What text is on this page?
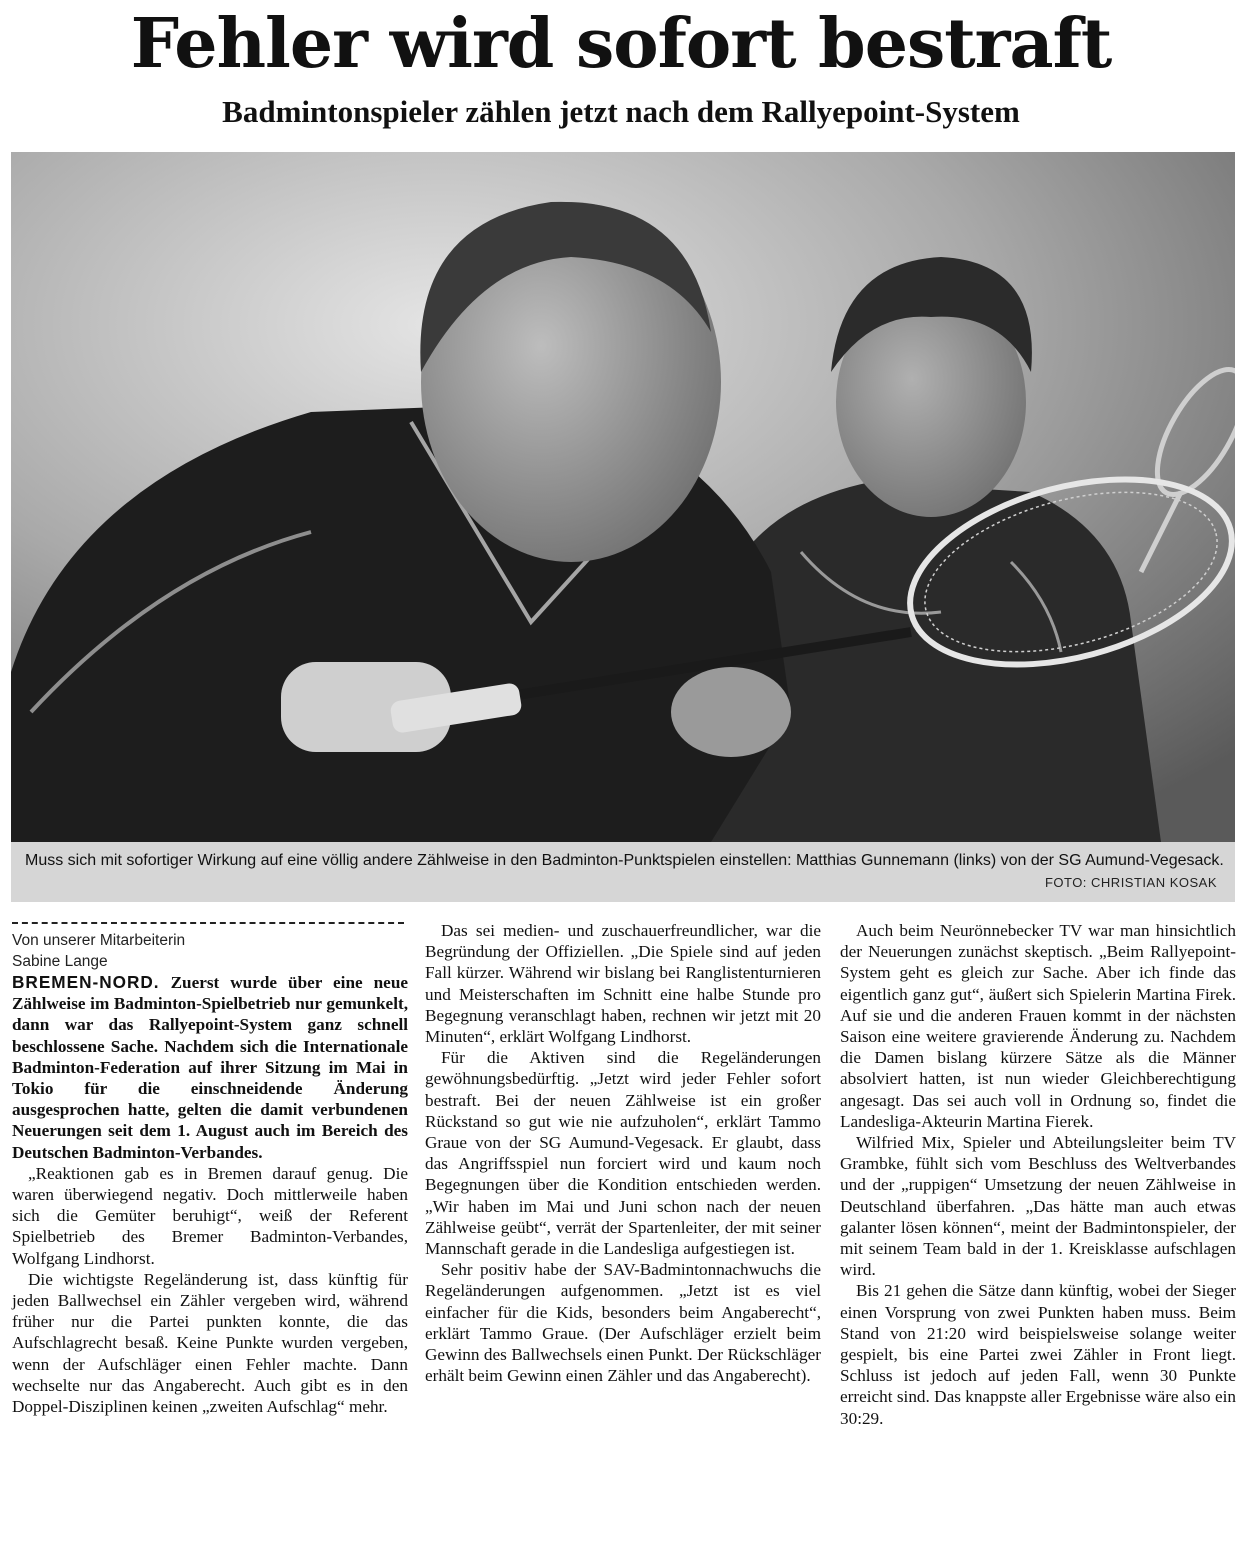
Fehler wird sofort bestraft
Badmintonspieler zählen jetzt nach dem Rallyepoint-System
Muss sich mit sofortiger Wirkung auf eine völlig andere Zählweise in den Badminton-Punktspielen einstellen: Matthias Gunnemann (links) von der SG Aumund-Vegesack.
FOTO: CHRISTIAN KOSAK
Von unserer Mitarbeiterin
Sabine Lange

BREMEN-NORD. Zuerst wurde über eine neue Zählweise im Badminton-Spielbetrieb nur gemunkelt, dann war das Rallyepoint-System ganz schnell beschlossene Sache. Nachdem sich die Internationale Badminton-Federation auf ihrer Sitzung im Mai in Tokio für die einschneidende Änderung ausgesprochen hatte, gelten die damit verbundenen Neuerungen seit dem 1. August auch im Bereich des Deutschen Badminton-Verbandes.

„Reaktionen gab es in Bremen darauf genug. Die waren überwiegend negativ. Doch mittlerweile haben sich die Gemüter beruhigt“, weiß der Referent Spielbetrieb des Bremer Badminton-Verbandes, Wolfgang Lindhorst.

Die wichtigste Regeländerung ist, dass künftig für jeden Ballwechsel ein Zähler vergeben wird, während früher nur die Partei punkten konnte, die das Aufschlagrecht besaß. Keine Punkte wurden vergeben, wenn der Aufschläger einen Fehler machte. Dann wechselte nur das Angaberecht. Auch gibt es in den Doppel-Disziplinen keinen „zweiten Aufschlag“ mehr.

Das sei medien- und zuschauerfreundlicher, war die Begründung der Offiziellen. „Die Spiele sind auf jeden Fall kürzer. Während wir bislang bei Ranglistenturnieren und Meisterschaften im Schnitt eine halbe Stunde pro Begegnung veranschlagt haben, rechnen wir jetzt mit 20 Minuten“, erklärt Wolfgang Lindhorst.

Für die Aktiven sind die Regeländerungen gewöhnungsbedürftig. „Jetzt wird jeder Fehler sofort bestraft. Bei der neuen Zählweise ist ein großer Rückstand so gut wie nie aufzuholen“, erklärt Tammo Graue von der SG Aumund-Vegesack. Er glaubt, dass das Angriffsspiel nun forciert wird und kaum noch Begegnungen über die Kondition entschieden werden. „Wir haben im Mai und Juni schon nach der neuen Zählweise geübt“, verrät der Spartenleiter, der mit seiner Mannschaft gerade in die Landesliga aufgestiegen ist.

Sehr positiv habe der SAV-Badmintonnachwuchs die Regeländerungen aufgenommen. „Jetzt ist es viel einfacher für die Kids, besonders beim Angaberecht“, erklärt Tammo Graue. (Der Aufschläger erzielt beim Gewinn des Ballwechsels einen Punkt. Der Rückschläger erhält beim Gewinn einen Zähler und das Angaberecht).

Auch beim Neurönnebecker TV war man hinsichtlich der Neuerungen zunächst skeptisch. „Beim Rallyepoint-System geht es gleich zur Sache. Aber ich finde das eigentlich ganz gut“, äußert sich Spielerin Martina Firek. Auf sie und die anderen Frauen kommt in der nächsten Saison eine weitere gravierende Änderung zu. Nachdem die Damen bislang kürzere Sätze als die Männer absolviert hatten, ist nun wieder Gleichberechtigung angesagt. Das sei auch voll in Ordnung so, findet die Landesliga-Akteurin Martina Fierek.

Wilfried Mix, Spieler und Abteilungsleiter beim TV Grambke, fühlt sich vom Beschluss des Weltverbandes und der „ruppigen“ Umsetzung der neuen Zählweise in Deutschland überfahren. „Das hätte man auch etwas galanter lösen können“, meint der Badmintonspieler, der mit seinem Team bald in der 1. Kreisklasse aufschlagen wird.

Bis 21 gehen die Sätze dann künftig, wobei der Sieger einen Vorsprung von zwei Punkten haben muss. Beim Stand von 21:20 wird beispielsweise solange weiter gespielt, bis eine Partei zwei Zähler in Front liegt. Schluss ist jedoch auf jeden Fall, wenn 30 Punkte erreicht sind. Das knappste aller Ergebnisse wäre also ein 30:29.
